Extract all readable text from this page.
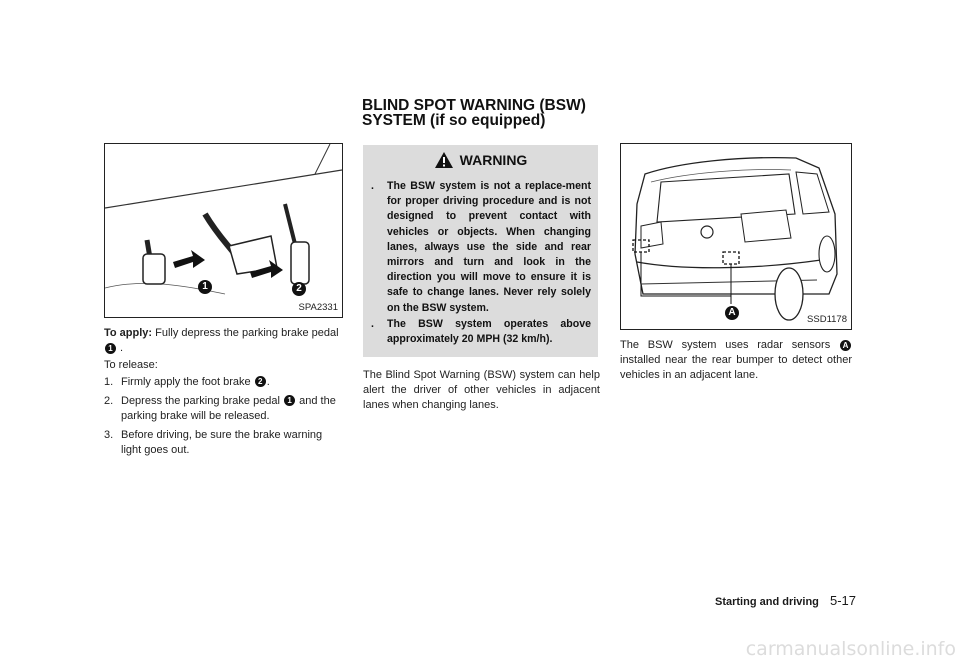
BLIND SPOT WARNING (BSW)
SYSTEM (if so equipped)
1	2
SPA2331
To apply: Fully depress the parking brake pedal
1 .
To release:
1. Firmly apply the foot brake 2 .
2. Depress the parking brake pedal 1 and the parking brake will be released.
3. Before driving, be sure the brake warning light goes out.
WARNING
. The BSW system is not a replace-ment for proper driving procedure and is not designed to prevent contact with vehicles or objects. When changing lanes, always use the side and rear mirrors and turn and look in the direction you will move to ensure it is safe to change lanes. Never rely solely on the BSW system.
. The BSW system operates above approximately 20 MPH (32 km/h).
The Blind Spot Warning (BSW) system can help alert the driver of other vehicles in adjacent lanes when changing lanes.
A
SSD1178
The BSW system uses radar sensors A installed near the rear bumper to detect other vehicles in an adjacent lane.
Starting and driving 5-17
carmanualsonline.info
